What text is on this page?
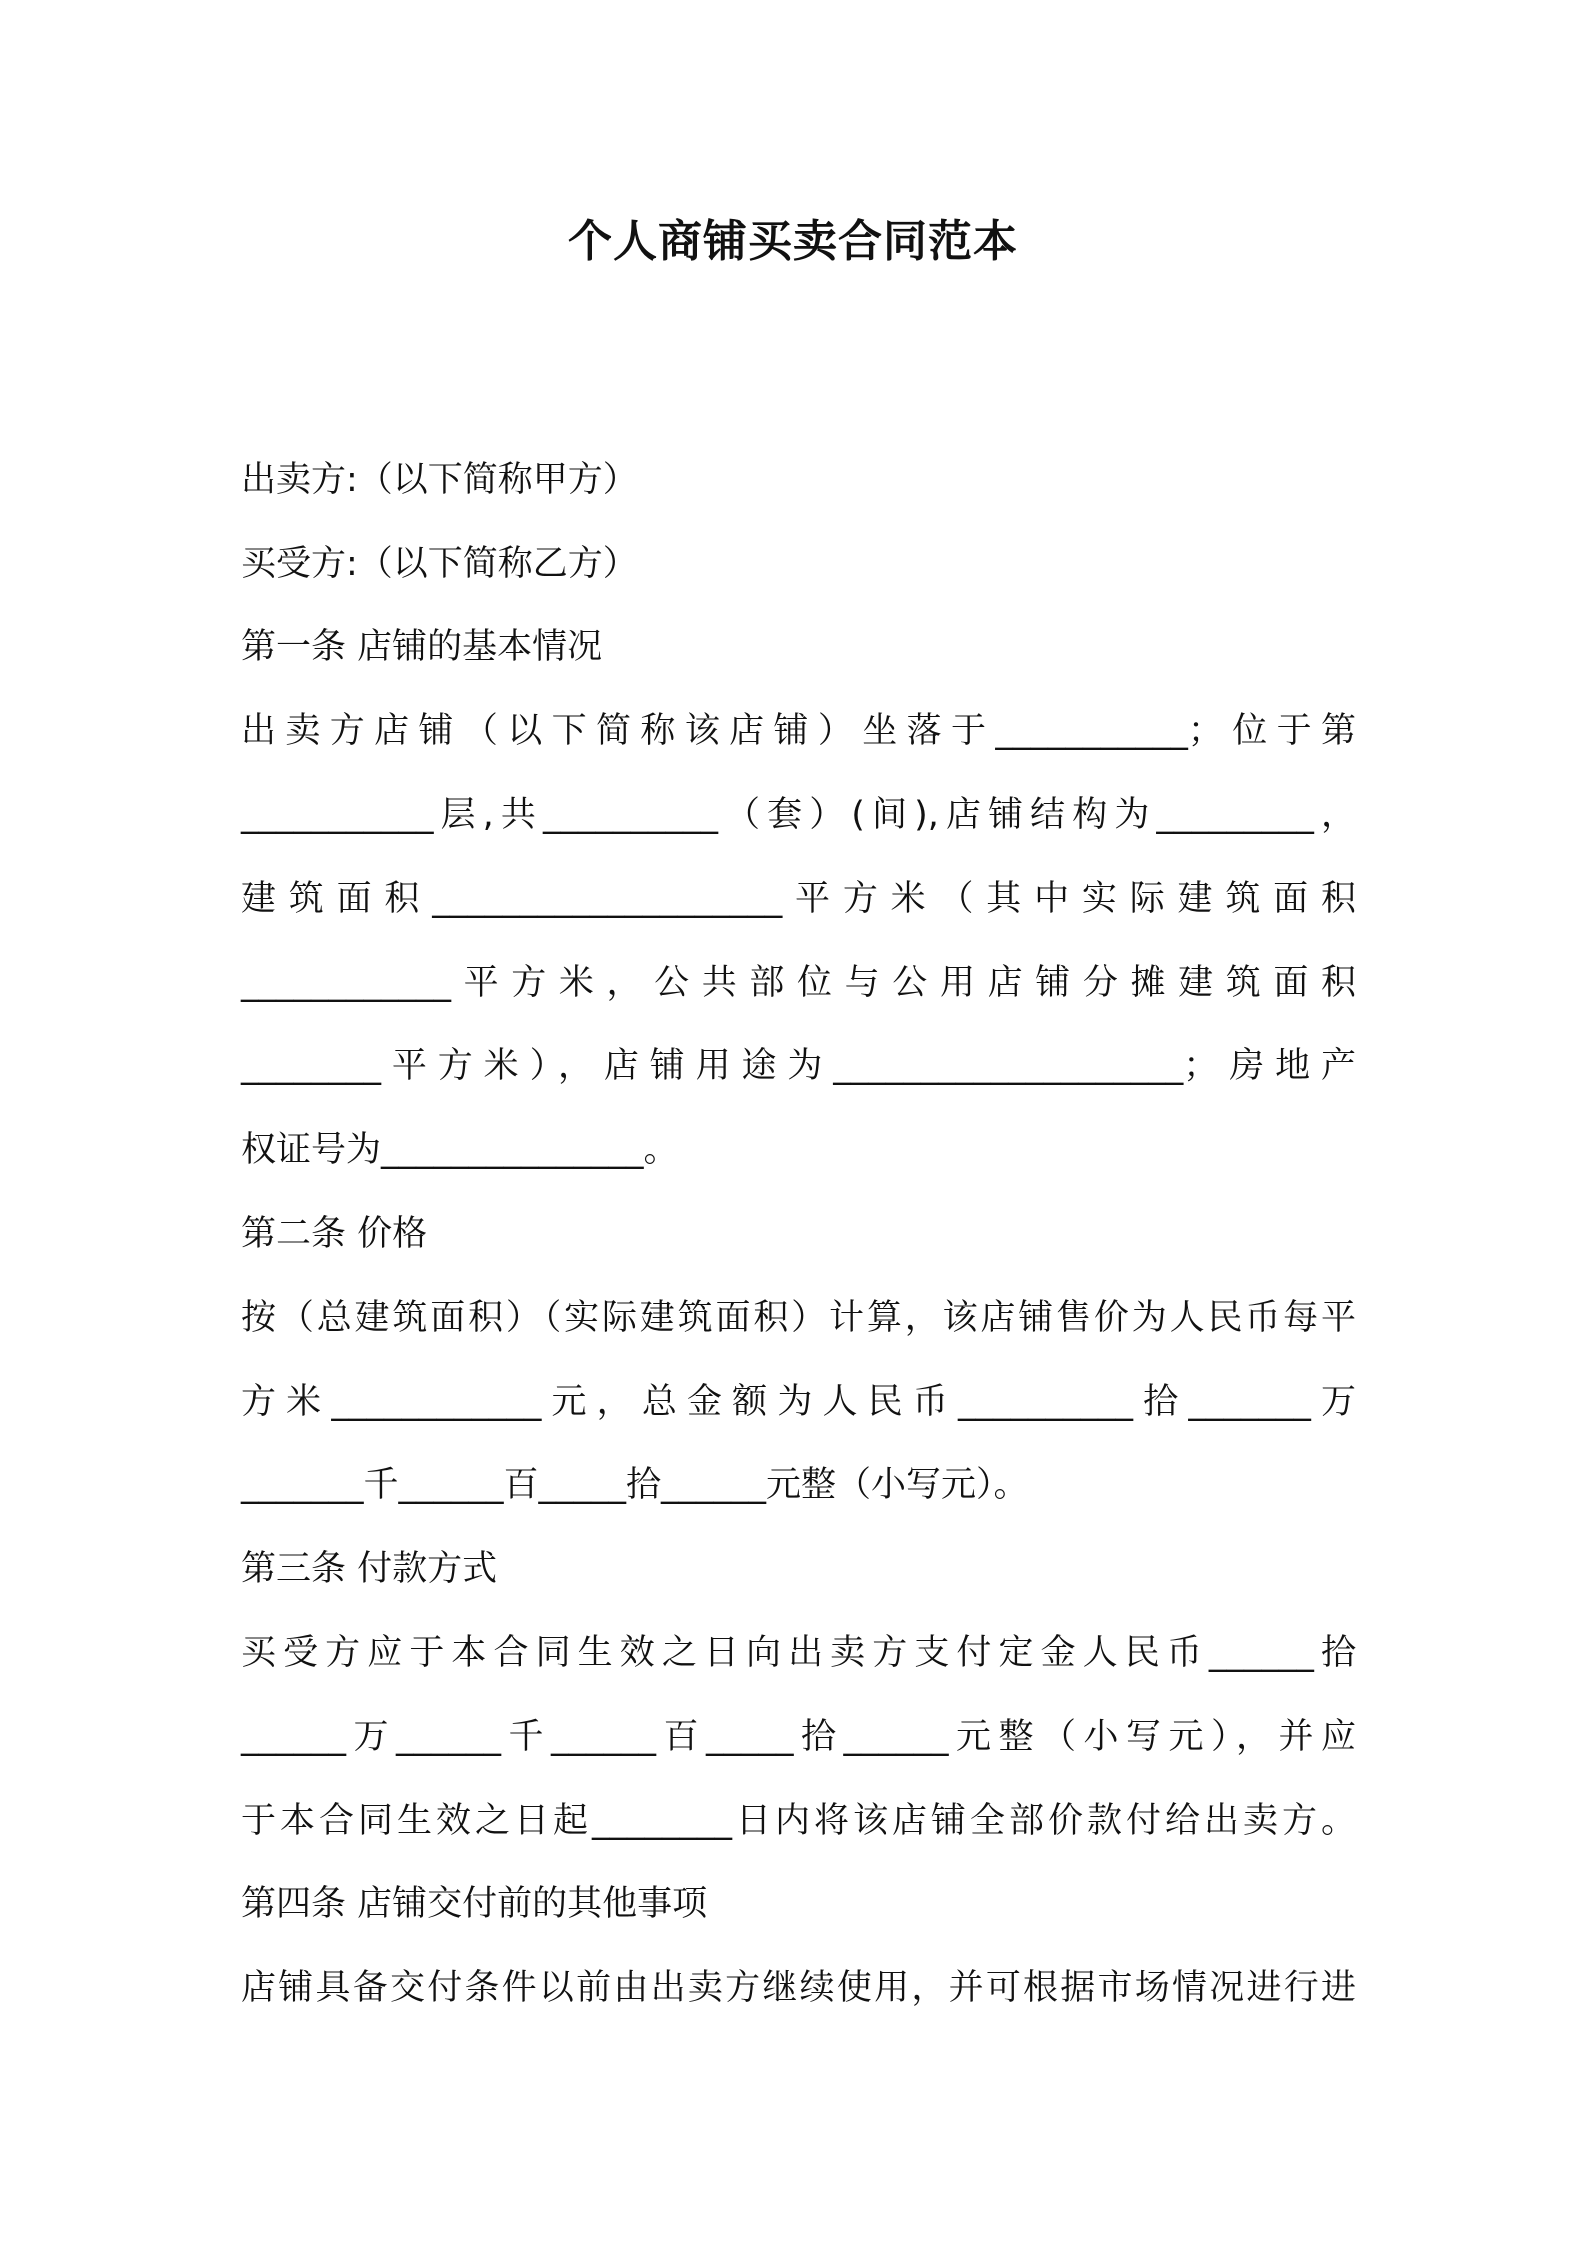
个人商铺买卖合同范本
出卖方:（以下简称甲方）
买受方:（以下简称乙方）
第一条 店铺的基本情况
出卖方店铺（以下简称该店铺）坐落于___________；位于第
___________层,共__________（套）(间),店铺结构为_________，
建筑面积____________________平方米（其中实际建筑面积
____________平方米，公共部位与公用店铺分摊建筑面积
________平方米），店铺用途为____________________；房地产
权证号为_______________。
第二条 价格
按（总建筑面积）（实际建筑面积）计算，该店铺售价为人民币每平
方米____________元，总金额为人民币__________拾_______万
_______千______百_____拾______元整（小写元）。
第三条 付款方式
买受方应于本合同生效之日向出卖方支付定金人民币______拾
______万______千______百_____拾______元整（小写元），并应
于本合同生效之日起________日内将该店铺全部价款付给出卖方。
第四条 店铺交付前的其他事项
店铺具备交付条件以前由出卖方继续使用，并可根据市场情况进行进
